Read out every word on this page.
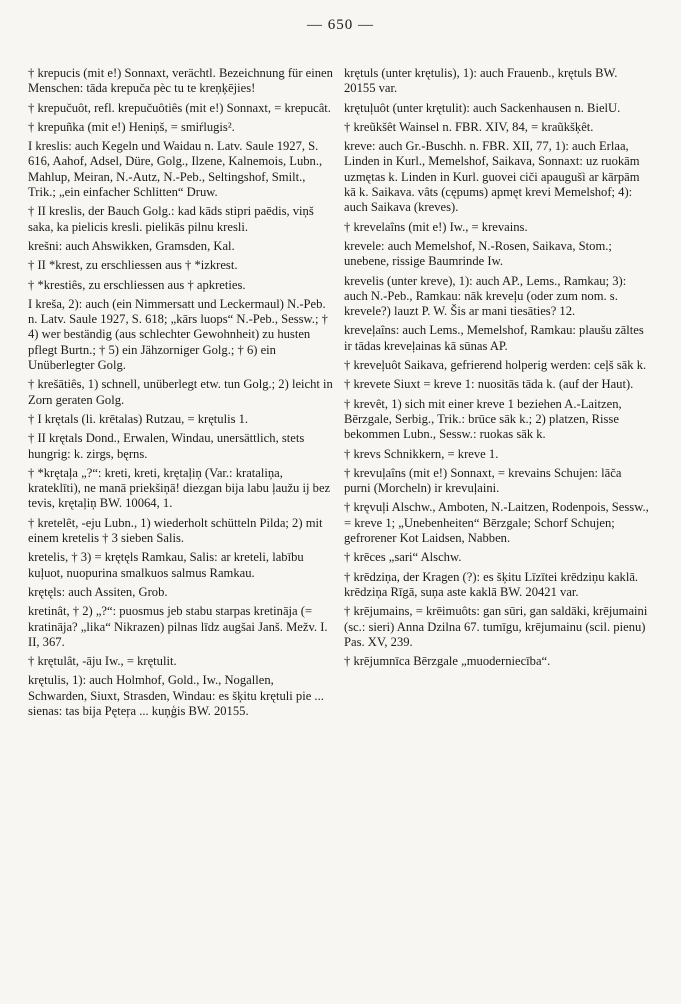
— 650 —

† krepucis (mit e!) Sonnaxt, verächtl. Bezeichnung für einen Menschen: tāda krepuča pèc tu te kreņķējies!

† krepučuôt, refl. krepučuôtiês (mit e!) Sonnaxt, = krepucât.

† krepuñka (mit e!) Heniņš, = smiŕlugis².

I kreslis: auch Kegeln und Waidau n. Latv. Saule 1927, S. 616, Aahof, Adsel, Düre, Golg., Ilzene, Kalnemois, Lubn., Mahlup, Meiran, N.-Autz, N.-Peb., Seltingshof, Smilt., Trik.; „ein einfacher Schlitten“ Druw.

† II kreslis, der Bauch Golg.: kad kāds stipri paēdis, viņš saka, ka pielicis kresli. pielikās pilnu kresli.

krešni: auch Ahswikken, Gramsden, Kal.

† II *krest, zu erschliessen aus † *izkrest.

† *krestiês, zu erschliessen aus † apkreties.

I kreša, 2): auch (ein Nimmersatt und Leckermaul) N.-Peb. n. Latv. Saule 1927, S. 618; „kārs luops“ N.-Peb., Sessw.; † 4) wer beständig (aus schlechter Gewohnheit) zu husten pflegt Burtn.; † 5) ein Jähzorniger Golg.; † 6) ein Unüberlegter Golg.

† krešātiês, 1) schnell, unüberlegt etw. tun Golg.; 2) leicht in Zorn geraten Golg.

† I krętals (li. krētalas) Rutzau, = krętulis 1.

† II krętals Dond., Erwalen, Windau, unersättlich, stets hungrig: k. zirgs, bęrns.

† *krętaļa „?“: kreti, kreti, krętaļiņ (Var.: krataliņa, krateklīti), ne manā priekšiņā! diezgan bija labu ļaužu ij bez tevis, krętaļiņ BW. 10064, 1.

† kretelêt, -eju Lubn., 1) wiederholt schütteln Pilda; 2) mit einem kretelis † 3 sieben Salis.

kretelis, † 3) = krętęls Ramkau, Salis: ar kreteli, labību kuļuot, nuopurina smalkuos salmus Ramkau.

krętęls: auch Assiten, Grob.

kretinât, † 2) „?“: puosmus jeb stabu starpas kretināja (= kratināja? „lika“ Nikrazen) pilnas līdz augšai Janš. Mežv. I. II, 367.

† krętulât, -āju Iw., = krętulit.

krętulis, 1): auch Holmhof, Gold., Iw., Nogallen, Schwarden, Siuxt, Strasden, Windau: es šķitu krętuli pie ... sienas: tas bija Pęteŗa ... kuņģis BW. 20155.

krętuls (unter krętulis), 1): auch Frauenb., krętuls BW. 20155 var.

krętuļuôt (unter krętulit): auch Sackenhausen n. BielU.

† kreũkšêt Wainsel n. FBR. XIV, 84, = kraũkšķêt.

kreve: auch Gr.-Buschh. n. FBR. XII, 77, 1): auch Erlaa, Linden in Kurl., Memelshof, Saikava, Sonnaxt: uz ruokām uzmętas k. Linden in Kurl. guovei ciči apaugušì ar kārpām kā k. Saikava. vâts (cępums) apmęt krevi Memelshof; 4): auch Saikava (kreves).

† krevelaîns (mit e!) Iw., = krevains.

krevele: auch Memelshof, N.-Rosen, Saikava, Stom.; unebene, rissige Baumrinde Iw.

krevelis (unter kreve), 1): auch AP., Lems., Ramkau; 3): auch N.-Peb., Ramkau: nāk kreveļu (oder zum nom. s. krevele?) lauzt P. W. Šis ar mani tiesāties? 12.

kreveļaîns: auch Lems., Memelshof, Ramkau: plaušu zāltes ir tādas kreveļainas kā sūnas AP.

† kreveļuôt Saikava, gefrierend holperig werden: ceļš sāk k.

† krevete Siuxt = kreve 1: nuositās tāda k. (auf der Haut).

† krevêt, 1) sich mit einer kreve 1 beziehen A.-Laitzen, Bērzgale, Serbig., Trik.: brūce sāk k.; 2) platzen, Risse bekommen Lubn., Sessw.: ruokas sāk k.

† krevs Schnikkern, = kreve 1.

† krevuļaîns (mit e!) Sonnaxt, = krevains Schujen: lāča purni (Morcheln) ir krevuļaini.

† kręvuļi Alschw., Amboten, N.-Laitzen, Rodenpois, Sessw., = kreve 1; „Unebenheiten“ Bērzgale; Schorf Schujen; gefrorener Kot Laidsen, Nabben.

† krēces „sari“ Alschw.

† krēdziņa, der Kragen (?): es šķitu Līzītei krēdziņu kaklā. krēdziņa Rīgā, suņa aste kaklā BW. 20421 var.

† krējumains, = krēimuôts: gan sūri, gan saldāki, krējumaini (sc.: sieri) Anna Dzilna 67. tumīgu, krējumainu (scil. pienu) Pas. XV, 239.

† krējumnīca Bērzgale „muoderniecība“.
